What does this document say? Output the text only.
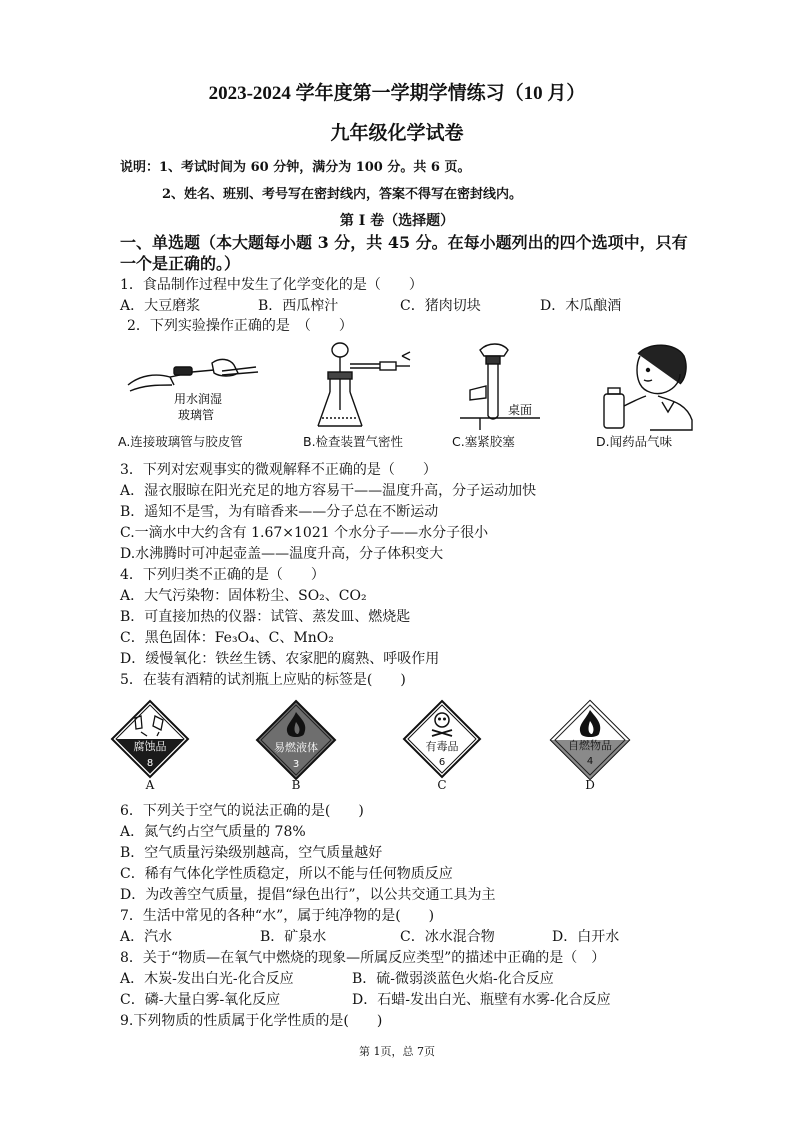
2023-2024 学年度第一学期学情练习（10 月）
九年级化学试卷
说明：1、考试时间为 60 分钟，满分为 100 分。共 6 页。
2、姓名、班别、考号写在密封线内，答案不得写在密封线内。
第 I 卷（选择题）
一、单选题（本大题每小题 3 分，共 45 分。在每小题列出的四个选项中，只有
一个是正确的。）
1．食品制作过程中发生了化学变化的是（　　）
A．大豆磨浆	B．西瓜榨汁	C．猪肉切块	D．木瓜酿酒
2．下列实验操作正确的是　（　　）
用水润湿
玻璃管
A.连接玻璃管与胶皮管	B.检查装置气密性
桌面
C.塞紧胶塞	D.闻药品气味
3．下列对宏观事实的微观解释不正确的是（　　）
A．湿衣服晾在阳光充足的地方容易干——温度升高，分子运动加快
B．遥知不是雪，为有暗香来——分子总在不断运动
C.一滴水中大约含有 1.67×1021 个水分子——水分子很小
D.水沸腾时可冲起壶盖——温度升高，分子体积变大
4．下列归类不正确的是（　　）
A．大气污染物：固体粉尘、SO₂、CO₂
B．可直接加热的仪器：试管、蒸发皿、燃烧匙
C．黑色固体：Fe₃O₄、C、MnO₂
D．缓慢氧化：铁丝生锈、农家肥的腐熟、呼吸作用
5．在装有酒精的试剂瓶上应贴的标签是(　　)
腐蚀品
8
A
易燃液体
3
B
有毒品
6
C
自燃物品
4
D
6．下列关于空气的说法正确的是(　　)
A．氮气约占空气质量的 78%
B．空气质量污染级别越高，空气质量越好
C．稀有气体化学性质稳定，所以不能与任何物质反应
D．为改善空气质量，提倡“绿色出行”，以公共交通工具为主
7．生活中常见的各种“水”，属于纯净物的是(　　)
A．汽水	B．矿泉水	C．冰水混合物	D．白开水
8．关于“物质—在氧气中燃烧的现象—所属反应类型”的描述中正确的是（　）
A．木炭-发出白光-化合反应	B．硫-微弱淡蓝色火焰-化合反应
C．磷-大量白雾-氧化反应	D．石蜡-发出白光、瓶壁有水雾-化合反应
9.下列物质的性质属于化学性质的是(　　)
第 1页，总 7页
